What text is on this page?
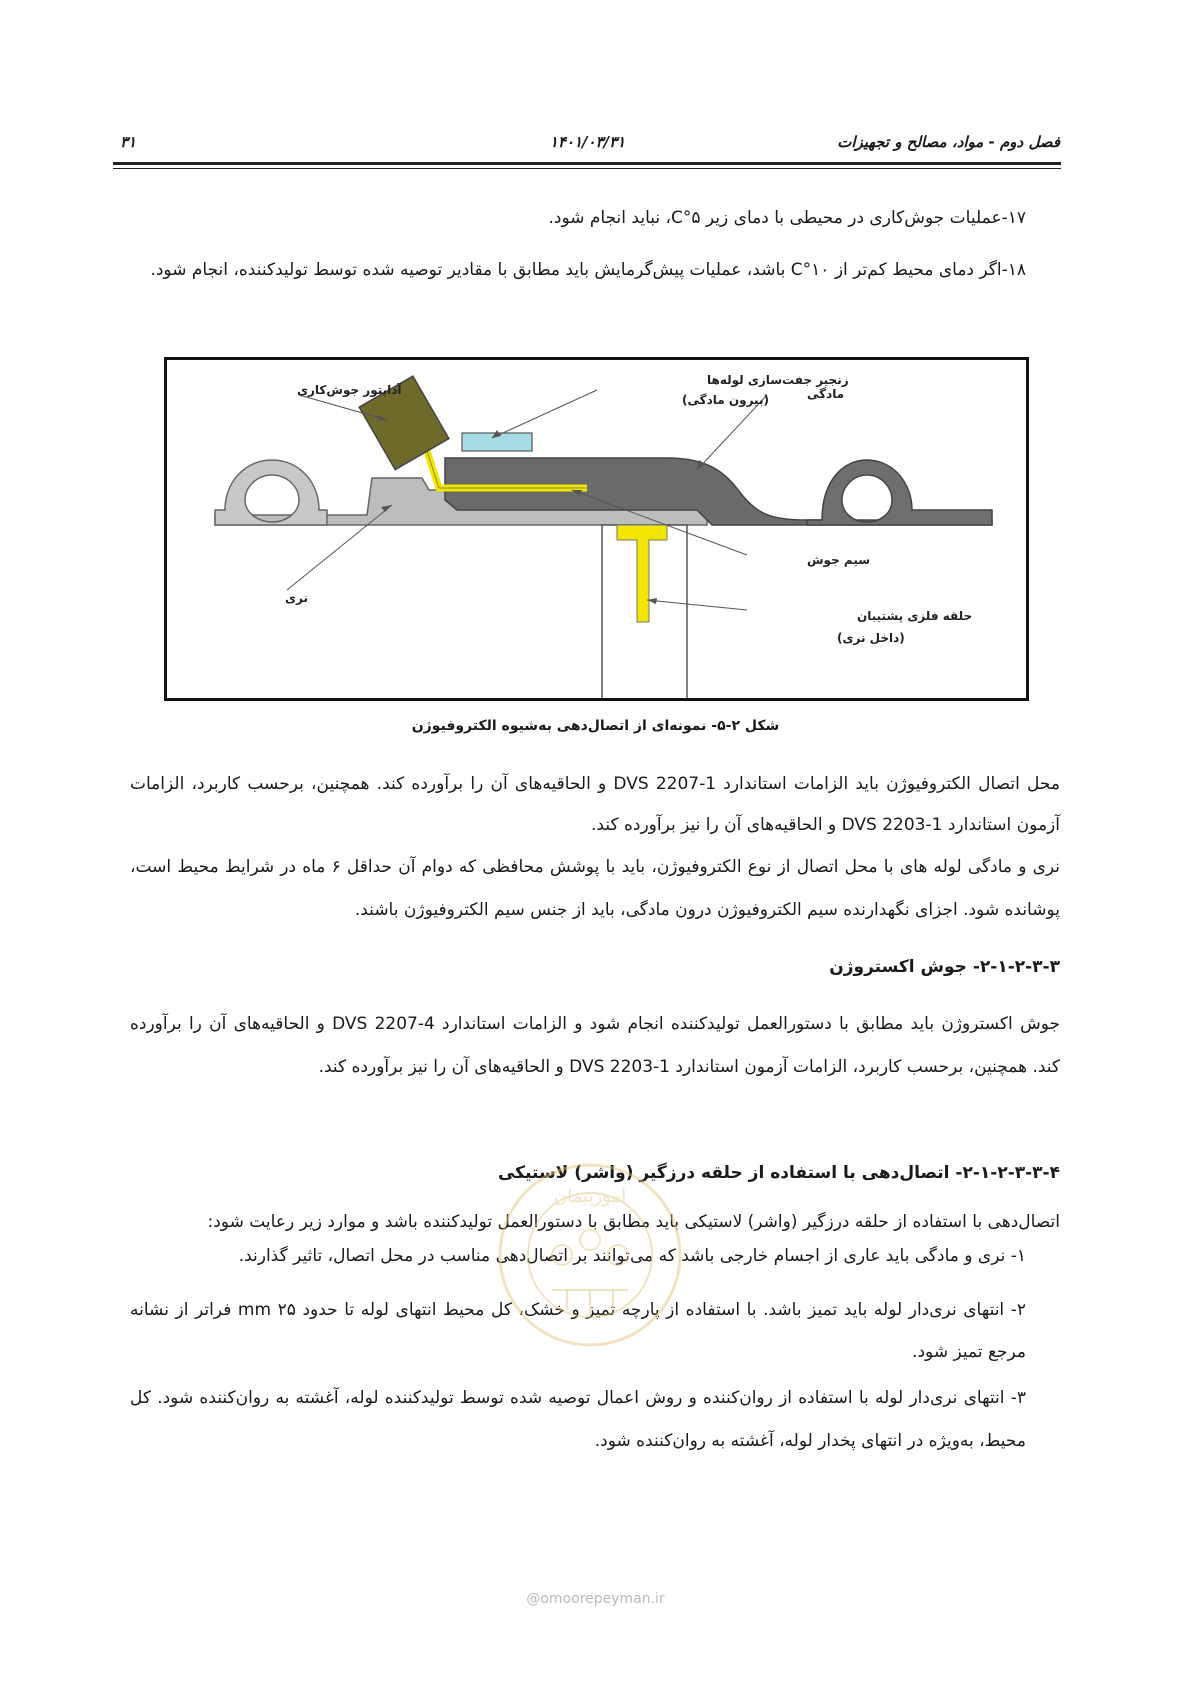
فصل دوم - مواد، مصالح و تجهیزات
۱۴۰۱/۰۳/۳۱
۳۱
۱۷-عملیات جوش‌کاری در محیطی با دمای زیر ۵°C، نباید انجام شود.
۱۸-اگر دمای محیط کم‌تر از ۱۰°C باشد، عملیات پیش‌گرمایش باید مطابق با مقادیر توصیه شده توسط تولیدکننده، انجام شود.
آداپتور جوش‌کاری
زنجیر جفت‌سازی لوله‌ها
(بیرون مادگی)	مادگی
نری
سیم جوش
حلقه فلزی پشتیبان
(داخل نری)
شکل ۲-۵- نمونه‌ای از اتصال‌دهی به‌شیوه الکتروفیوژن
محل اتصال الکتروفیوژن باید الزامات استاندارد DVS 2207-1 و الحاقیه‌های آن را برآورده کند. همچنین، برحسب کاربرد، الزامات آزمون استاندارد DVS 2203-1 و الحاقیه‌های آن را نیز برآورده کند.
نری و مادگی لوله های با محل اتصال از نوع الکتروفیوژن، باید با پوشش محافظی که دوام آن حداقل ۶ ماه در شرایط محیط است، پوشانده شود. اجزای نگهدارنده سیم الکتروفیوژن درون مادگی، باید از جنس سیم الکتروفیوژن باشند.
۲-۱-۲-۳-۳- جوش اکستروژن
جوش اکستروژن باید مطابق با دستورالعمل تولیدکننده انجام شود و الزامات استاندارد DVS 2207-4 و الحاقیه‌های آن را برآورده کند. همچنین، برحسب کاربرد، الزامات آزمون استاندارد DVS 2203-1 و الحاقیه‌های آن را نیز برآورده کند.
۲-۱-۲-۳-۳-۴- اتصال‌دهی با استفاده از حلقه درزگیر (واشر) لاستیکی
اتصال‌دهی با استفاده از حلقه درزگیر (واشر) لاستیکی باید مطابق با دستورالعمل تولیدکننده باشد و موارد زیر رعایت شود:
۱- نری و مادگی باید عاری از اجسام خارجی باشد که می‌توانند بر اتصال‌دهی مناسب در محل اتصال، تاثیر گذارند.
۲- انتهای نری‌دار لوله باید تمیز باشد. با استفاده از پارچه تمیز و خشک، کل محیط انتهای لوله تا حدود ۲۵ mm فراتر از نشانه مرجع تمیز شود.
۳- انتهای نری‌دار لوله با استفاده از روان‌کننده و روش اعمال توصیه شده توسط تولیدکننده لوله، آغشته به روان‌کننده شود. کل محیط، به‌ویژه در انتهای پخدار لوله، آغشته به روان‌کننده شود.
امورپیمان
@omoorepeyman.ir
